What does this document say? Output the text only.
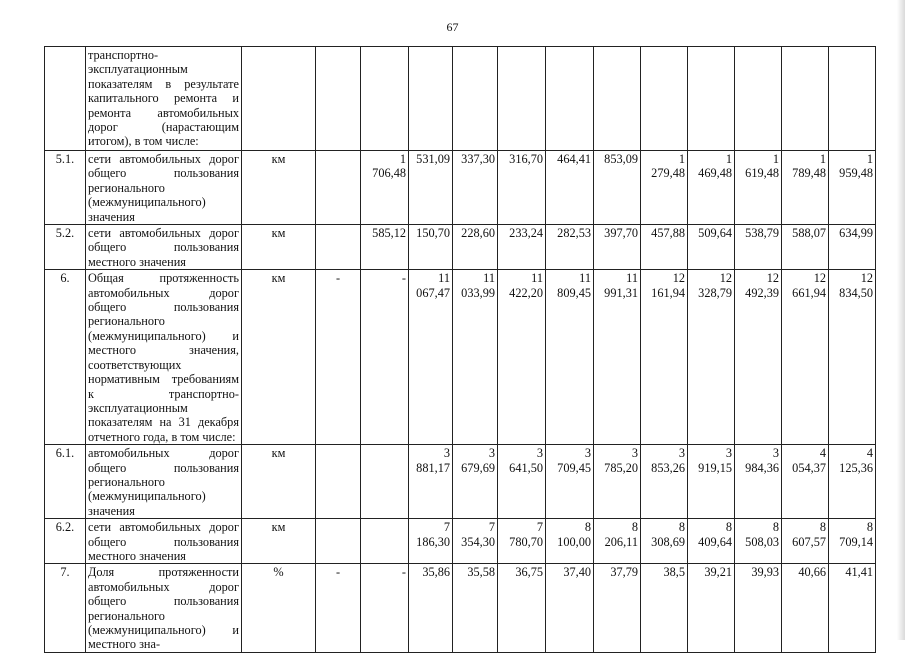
67
	транспортно-эксплуатационным показателям в результате капитального ремонта и ремонта автомобильных дорог (нарастающим итогом), в том числе:													
5.1.	сети автомобильных дорог общего пользования регионального (межмуниципального) значения	км		1 706,48	531,09	337,30	316,70	464,41	853,09	1 279,48	1 469,48	1 619,48	1 789,48	1 959,48
5.2.	сети автомобильных дорог общего пользования местного значения	км		585,12	150,70	228,60	233,24	282,53	397,70	457,88	509,64	538,79	588,07	634,99
6.	Общая протяженность автомобильных дорог общего пользования регионального (межмуниципального) и местного значения, соответствующих нормативным требованиям к транспортно-эксплуатационным показателям на 31 декабря отчетного года, в том числе:	км	-	-	11 067,47	11 033,99	11 422,20	11 809,45	11 991,31	12 161,94	12 328,79	12 492,39	12 661,94	12 834,50
6.1.	автомобильных дорог общего пользования регионального (межмуниципального) значения	км			3 881,17	3 679,69	3 641,50	3 709,45	3 785,20	3 853,26	3 919,15	3 984,36	4 054,37	4 125,36
6.2.	сети автомобильных дорог общего пользования местного значения	км			7 186,30	7 354,30	7 780,70	8 100,00	8 206,11	8 308,69	8 409,64	8 508,03	8 607,57	8 709,14
7.	Доля протяженности автомобильных дорог общего пользования регионального (межмуниципального) и местного зна-	%	-	-	35,86	35,58	36,75	37,40	37,79	38,5	39,21	39,93	40,66	41,41
